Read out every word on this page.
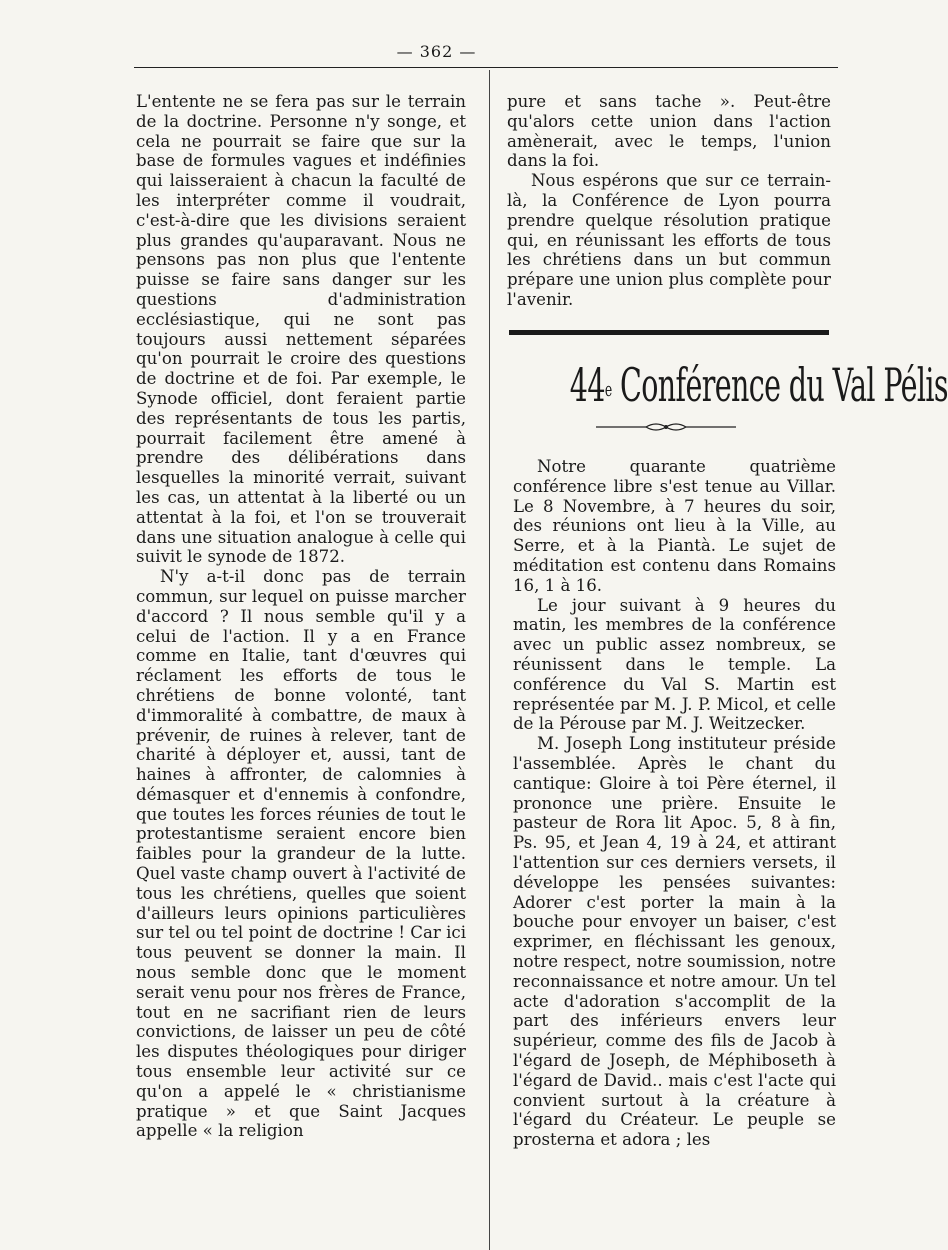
— 362 —

L'entente ne se fera pas sur le terrain de la doctrine. Personne n'y songe, et cela ne pourrait se faire que sur la base de formules vagues et indéfinies qui laisseraient à chacun la faculté de les interpréter comme il voudrait, c'est-à-dire que les divisions seraient plus grandes qu'auparavant. Nous ne pensons pas non plus que l'entente puisse se faire sans danger sur les questions d'administration ecclésiastique, qui ne sont pas toujours aussi nettement séparées qu'on pourrait le croire des questions de doctrine et de foi. Par exemple, le Synode officiel, dont feraient partie des représentants de tous les partis, pourrait facilement être amené à prendre des délibérations dans lesquelles la minorité verrait, suivant les cas, un attentat à la liberté ou un attentat à la foi, et l'on se trouverait dans une situation analogue à celle qui suivit le synode de 1872.

N'y a-t-il donc pas de terrain commun, sur lequel on puisse marcher d'accord ? Il nous semble qu'il y a celui de l'action. Il y a en France comme en Italie, tant d'œuvres qui réclament les efforts de tous le chrétiens de bonne volonté, tant d'immoralité à combattre, de maux à prévenir, de ruines à relever, tant de charité à déployer et, aussi, tant de haines à affronter, de calomnies à démasquer et d'ennemis à confondre, que toutes les forces réunies de tout le protestantisme seraient encore bien faibles pour la grandeur de la lutte. Quel vaste champ ouvert à l'activité de tous les chrétiens, quelles que soient d'ailleurs leurs opinions particulières sur tel ou tel point de doctrine ! Car ici tous peuvent se donner la main. Il nous semble donc que le moment serait venu pour nos frères de France, tout en ne sacrifiant rien de leurs convictions, de laisser un peu de côté les disputes théologiques pour diriger tous ensemble leur activité sur ce qu'on a appelé le « christianisme pratique » et que Saint Jacques appelle « la religion

pure et sans tache ». Peut-être qu'alors cette union dans l'action amènerait, avec le temps, l'union dans la foi.

Nous espérons que sur ce terrain-là, la Conférence de Lyon pourra prendre quelque résolution pratique qui, en réunissant les efforts de tous les chrétiens dans un but commun prépare une union plus complète pour l'avenir.

44e Conférence du Val Pélis

Notre quarante quatrième conférence libre s'est tenue au Villar. Le 8 Novembre, à 7 heures du soir, des réunions ont lieu à la Ville, au Serre, et à la Piantà. Le sujet de méditation est contenu dans Romains 16, 1 à 16.

Le jour suivant à 9 heures du matin, les membres de la conférence avec un public assez nombreux, se réunissent dans le temple. La conférence du Val S. Martin est représentée par M. J. P. Micol, et celle de la Pérouse par M. J. Weitzecker.

M. Joseph Long instituteur préside l'assemblée. Après le chant du cantique: Gloire à toi Père éternel, il prononce une prière. Ensuite le pasteur de Rora lit Apoc. 5, 8 à fin, Ps. 95, et Jean 4, 19 à 24, et attirant l'attention sur ces derniers versets, il développe les pensées suivantes: Adorer c'est porter la main à la bouche pour envoyer un baiser, c'est exprimer, en fléchissant les genoux, notre respect, notre soumission, notre reconnaissance et notre amour. Un tel acte d'adoration s'accomplit de la part des inférieurs envers leur supérieur, comme des fils de Jacob à l'égard de Joseph, de Méphiboseth à l'égard de David.. mais c'est l'acte qui convient surtout à la créature à l'égard du Créateur. Le peuple se prosterna et adora ; les
